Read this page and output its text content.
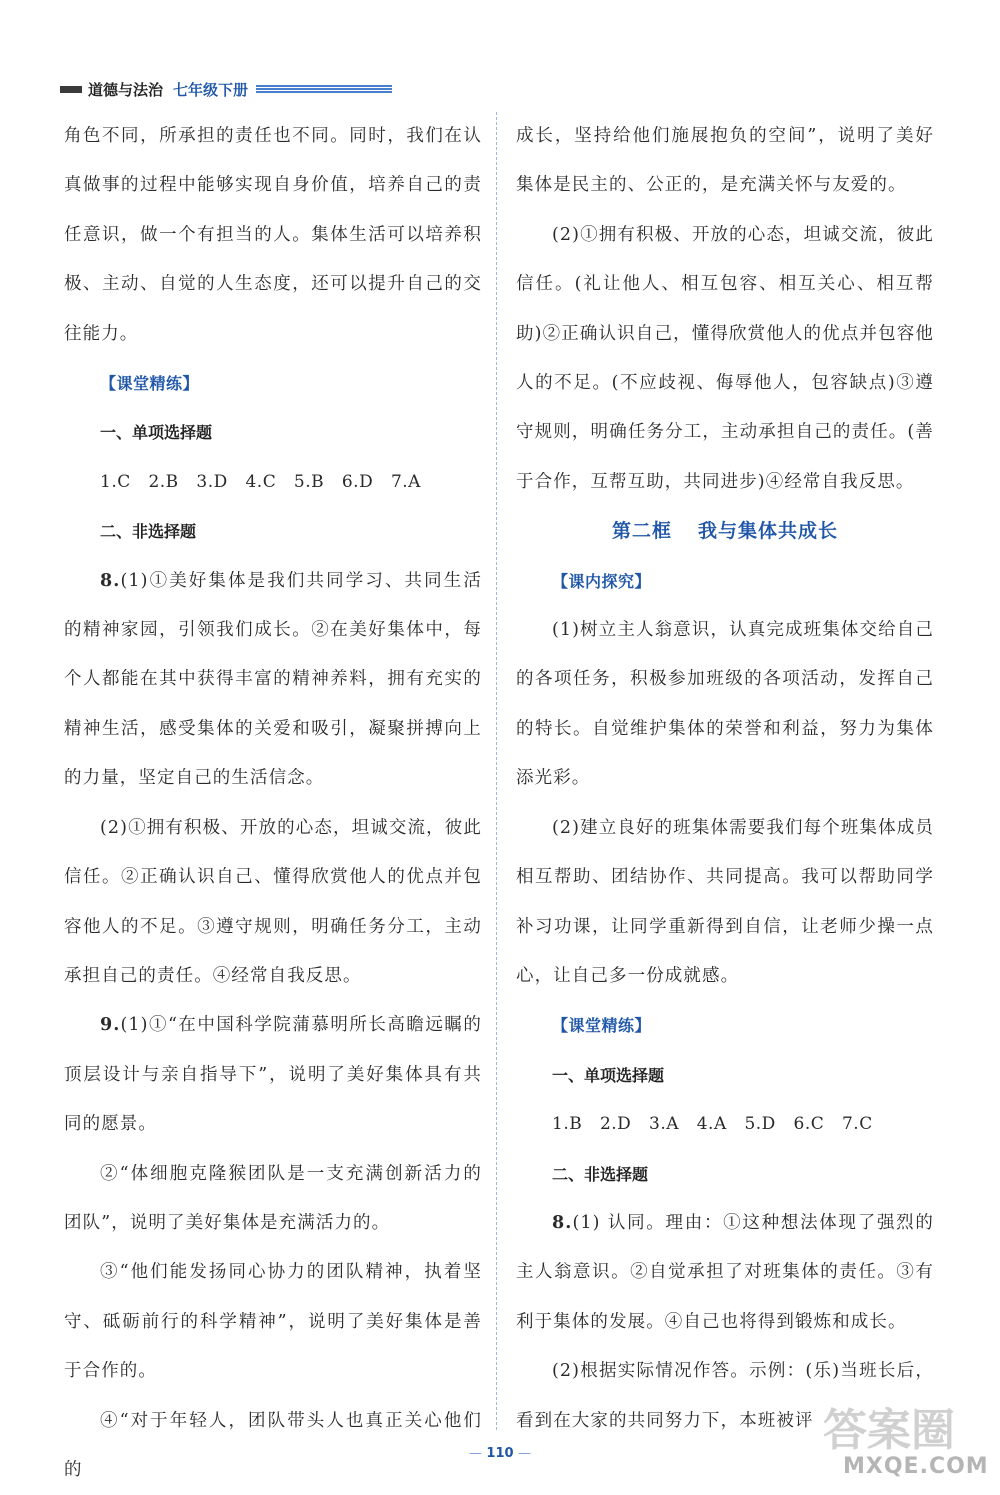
道德与法治 七年级下册

角色不同，所承担的责任也不同。同时，我们在认真做事的过程中能够实现自身价值，培养自己的责任意识，做一个有担当的人。集体生活可以培养积极、主动、自觉的人生态度，还可以提升自己的交往能力。

【课堂精练】

一、单项选择题

1.C 2.B 3.D 4.C 5.B 6.D 7.A

二、非选择题

8.(1)①美好集体是我们共同学习、共同生活的精神家园，引领我们成长。②在美好集体中，每个人都能在其中获得丰富的精神养料，拥有充实的精神生活，感受集体的关爱和吸引，凝聚拼搏向上的力量，坚定自己的生活信念。

(2)①拥有积极、开放的心态，坦诚交流，彼此信任。②正确认识自己、懂得欣赏他人的优点并包容他人的不足。③遵守规则，明确任务分工，主动承担自己的责任。④经常自我反思。

9.(1)①“在中国科学院蒲慕明所长高瞻远瞩的顶层设计与亲自指导下”，说明了美好集体具有共同的愿景。

②“体细胞克隆猴团队是一支充满创新活力的团队”，说明了美好集体是充满活力的。

③“他们能发扬同心协力的团队精神，执着坚守、砥砺前行的科学精神”，说明了美好集体是善于合作的。

④“对于年轻人，团队带头人也真正关心他们的

成长，坚持给他们施展抱负的空间”，说明了美好集体是民主的、公正的，是充满关怀与友爱的。

(2)①拥有积极、开放的心态，坦诚交流，彼此信任。(礼让他人、相互包容、相互关心、相互帮助)②正确认识自己，懂得欣赏他人的优点并包容他人的不足。(不应歧视、侮辱他人，包容缺点)③遵守规则，明确任务分工，主动承担自己的责任。(善于合作，互帮互助，共同进步)④经常自我反思。

第二框 我与集体共成长

【课内探究】

(1)树立主人翁意识，认真完成班集体交给自己的各项任务，积极参加班级的各项活动，发挥自己的特长。自觉维护集体的荣誉和利益，努力为集体添光彩。

(2)建立良好的班集体需要我们每个班集体成员相互帮助、团结协作、共同提高。我可以帮助同学补习功课，让同学重新得到自信，让老师少操一点心，让自己多一份成就感。

【课堂精练】

一、单项选择题

1.B 2.D 3.A 4.A 5.D 6.C 7.C

二、非选择题

8.(1) 认同。理由：①这种想法体现了强烈的主人翁意识。②自觉承担了对班集体的责任。③有利于集体的发展。④自己也将得到锻炼和成长。

(2)根据实际情况作答。示例：(乐)当班长后，看到在大家的共同努力下，本班被评

— 110 —	答案圈
MXQE.COM
